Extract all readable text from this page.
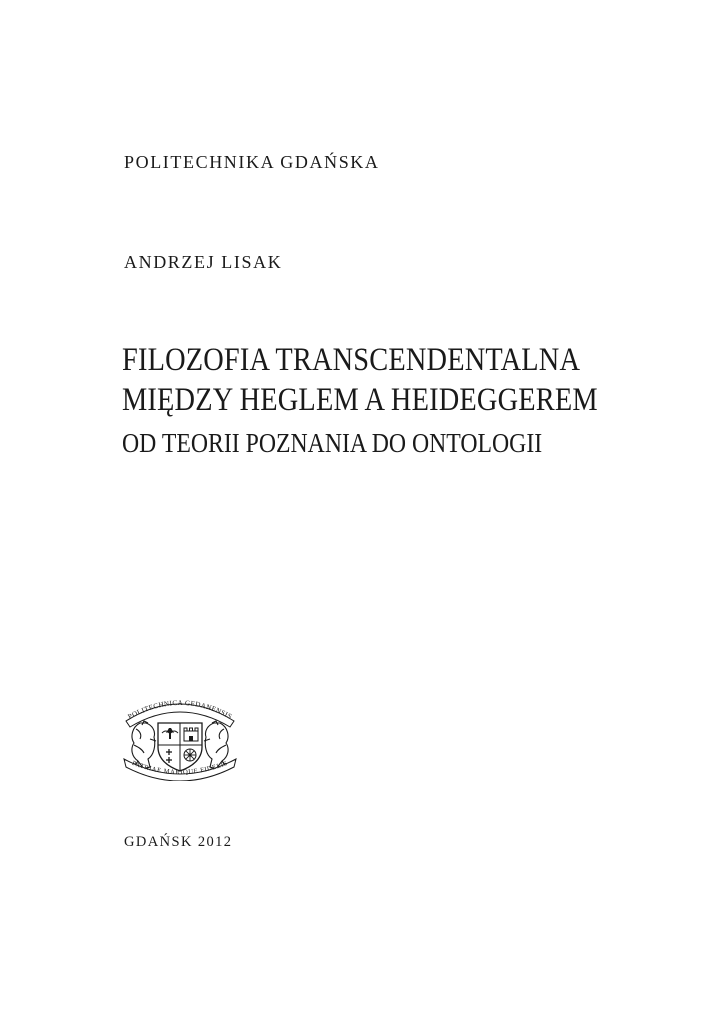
POLITECHNIKA GDAŃSKA
ANDRZEJ LISAK
FILOZOFIA TRANSCENDENTALNA
MIĘDZY HEGLEM A HEIDEGGEREM
OD TEORII POZNANIA DO ONTOLOGII
POLITECHNICA GEDANENSIS
PATRIAE MARIQUE FIDELIS
GDAŃSK 2012
